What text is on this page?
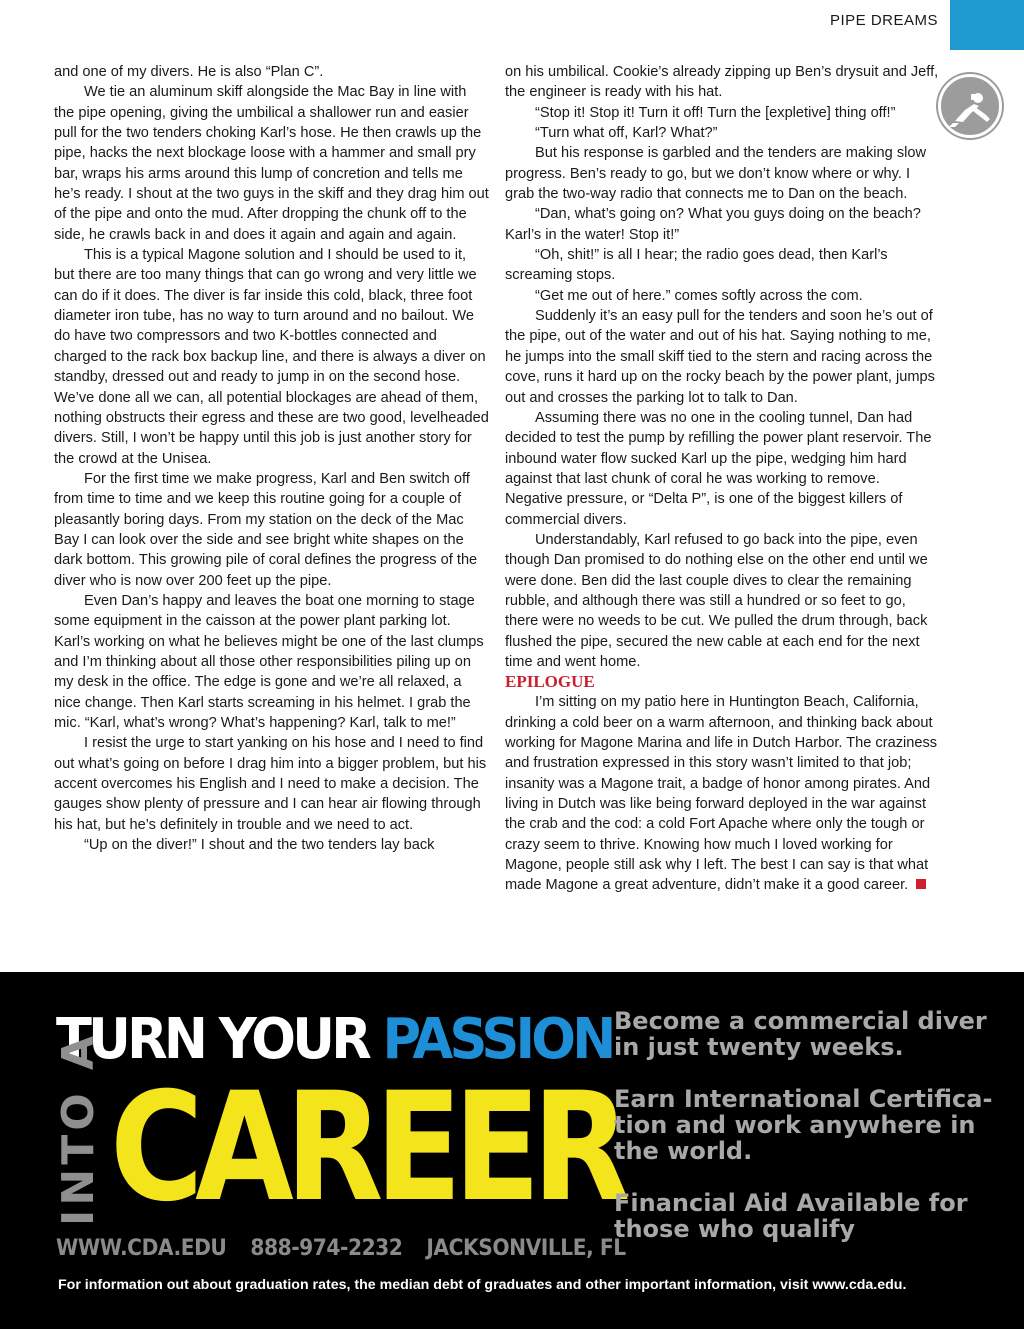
PIPE DREAMS

and one of my divers. He is also “Plan C”.

We tie an aluminum skiff alongside the Mac Bay in line with the pipe opening, giving the umbilical a shallower run and easier pull for the two tenders choking Karl’s hose. He then crawls up the pipe, hacks the next blockage loose with a hammer and small pry bar, wraps his arms around this lump of concretion and tells me he’s ready. I shout at the two guys in the skiff and they drag him out of the pipe and onto the mud. After dropping the chunk off to the side, he crawls back in and does it again and again and again.

This is a typical Magone solution and I should be used to it, but there are too many things that can go wrong and very little we can do if it does. The diver is far inside this cold, black, three foot diameter iron tube, has no way to turn around and no bailout. We do have two compressors and two K-bottles connected and charged to the rack box backup line, and there is always a diver on standby, dressed out and ready to jump in on the second hose. We’ve done all we can, all potential blockages are ahead of them, nothing obstructs their egress and these are two good, levelheaded divers. Still, I won’t be happy until this job is just another story for the crowd at the Unisea.

For the first time we make progress, Karl and Ben switch off from time to time and we keep this routine going for a couple of pleasantly boring days. From my station on the deck of the Mac Bay I can look over the side and see bright white shapes on the dark bottom. This growing pile of coral defines the progress of the diver who is now over 200 feet up the pipe.

Even Dan’s happy and leaves the boat one morning to stage some equipment in the caisson at the power plant parking lot. Karl’s working on what he believes might be one of the last clumps and I’m thinking about all those other responsibilities piling up on my desk in the office. The edge is gone and we’re all relaxed, a nice change. Then Karl starts screaming in his helmet. I grab the mic. “Karl, what’s wrong? What’s happening? Karl, talk to me!”

I resist the urge to start yanking on his hose and I need to find out what’s going on before I drag him into a bigger problem, but his accent overcomes his English and I need to make a decision. The gauges show plenty of pressure and I can hear air flowing through his hat, but he’s definitely in trouble and we need to act.

“Up on the diver!” I shout and the two tenders lay back

on his umbilical. Cookie’s already zipping up Ben’s drysuit and Jeff, the engineer is ready with his hat.

“Stop it! Stop it! Turn it off! Turn the [expletive] thing off!”

“Turn what off, Karl? What?”

But his response is garbled and the tenders are making slow progress. Ben’s ready to go, but we don’t know where or why. I grab the two-way radio that connects me to Dan on the beach.

“Dan, what’s going on? What you guys doing on the beach? Karl’s in the water! Stop it!”

“Oh, shit!” is all I hear; the radio goes dead, then Karl’s screaming stops.

“Get me out of here.” comes softly across the com.

Suddenly it’s an easy pull for the tenders and soon he’s out of the pipe, out of the water and out of his hat. Saying nothing to me, he jumps into the small skiff tied to the stern and racing across the cove, runs it hard up on the rocky beach by the power plant, jumps out and crosses the parking lot to talk to Dan.

Assuming there was no one in the cooling tunnel, Dan had decided to test the pump by refilling the power plant reservoir. The inbound water flow sucked Karl up the pipe, wedging him hard against that last chunk of coral he was working to remove. Negative pressure, or “Delta P”, is one of the biggest killers of commercial divers.

Understandably, Karl refused to go back into the pipe, even though Dan promised to do nothing else on the other end until we were done. Ben did the last couple dives to clear the remaining rubble, and although there was still a hundred or so feet to go, there were no weeds to be cut. We pulled the drum through, back flushed the pipe, secured the new cable at each end for the next time and went home.

EPILOGUE

I’m sitting on my patio here in Huntington Beach, California, drinking a cold beer on a warm afternoon, and thinking back about working for Magone Marina and life in Dutch Harbor. The craziness and frustration expressed in this story wasn’t limited to that job; insanity was a Magone trait, a badge of honor among pirates. And living in Dutch was like being forward deployed in the war against the crab and the cod: a cold Fort Apache where only the tough or crazy seem to thrive. Knowing how much I loved working for Magone, people still ask why I left. The best I can say is that what made Magone a great adventure, didn’t make it a good career.

TURN YOUR PASSION
INTO A CAREER
WWW.CDA.EDU 888-974-2232 JACKSONVILLE, FL

Become a commercial diver in just twenty weeks.

Earn International Certifica-tion and work anywhere in the world.

Financial Aid Available for those who qualify

For information out about graduation rates, the median debt of graduates and other important information, visit www.cda.edu.
